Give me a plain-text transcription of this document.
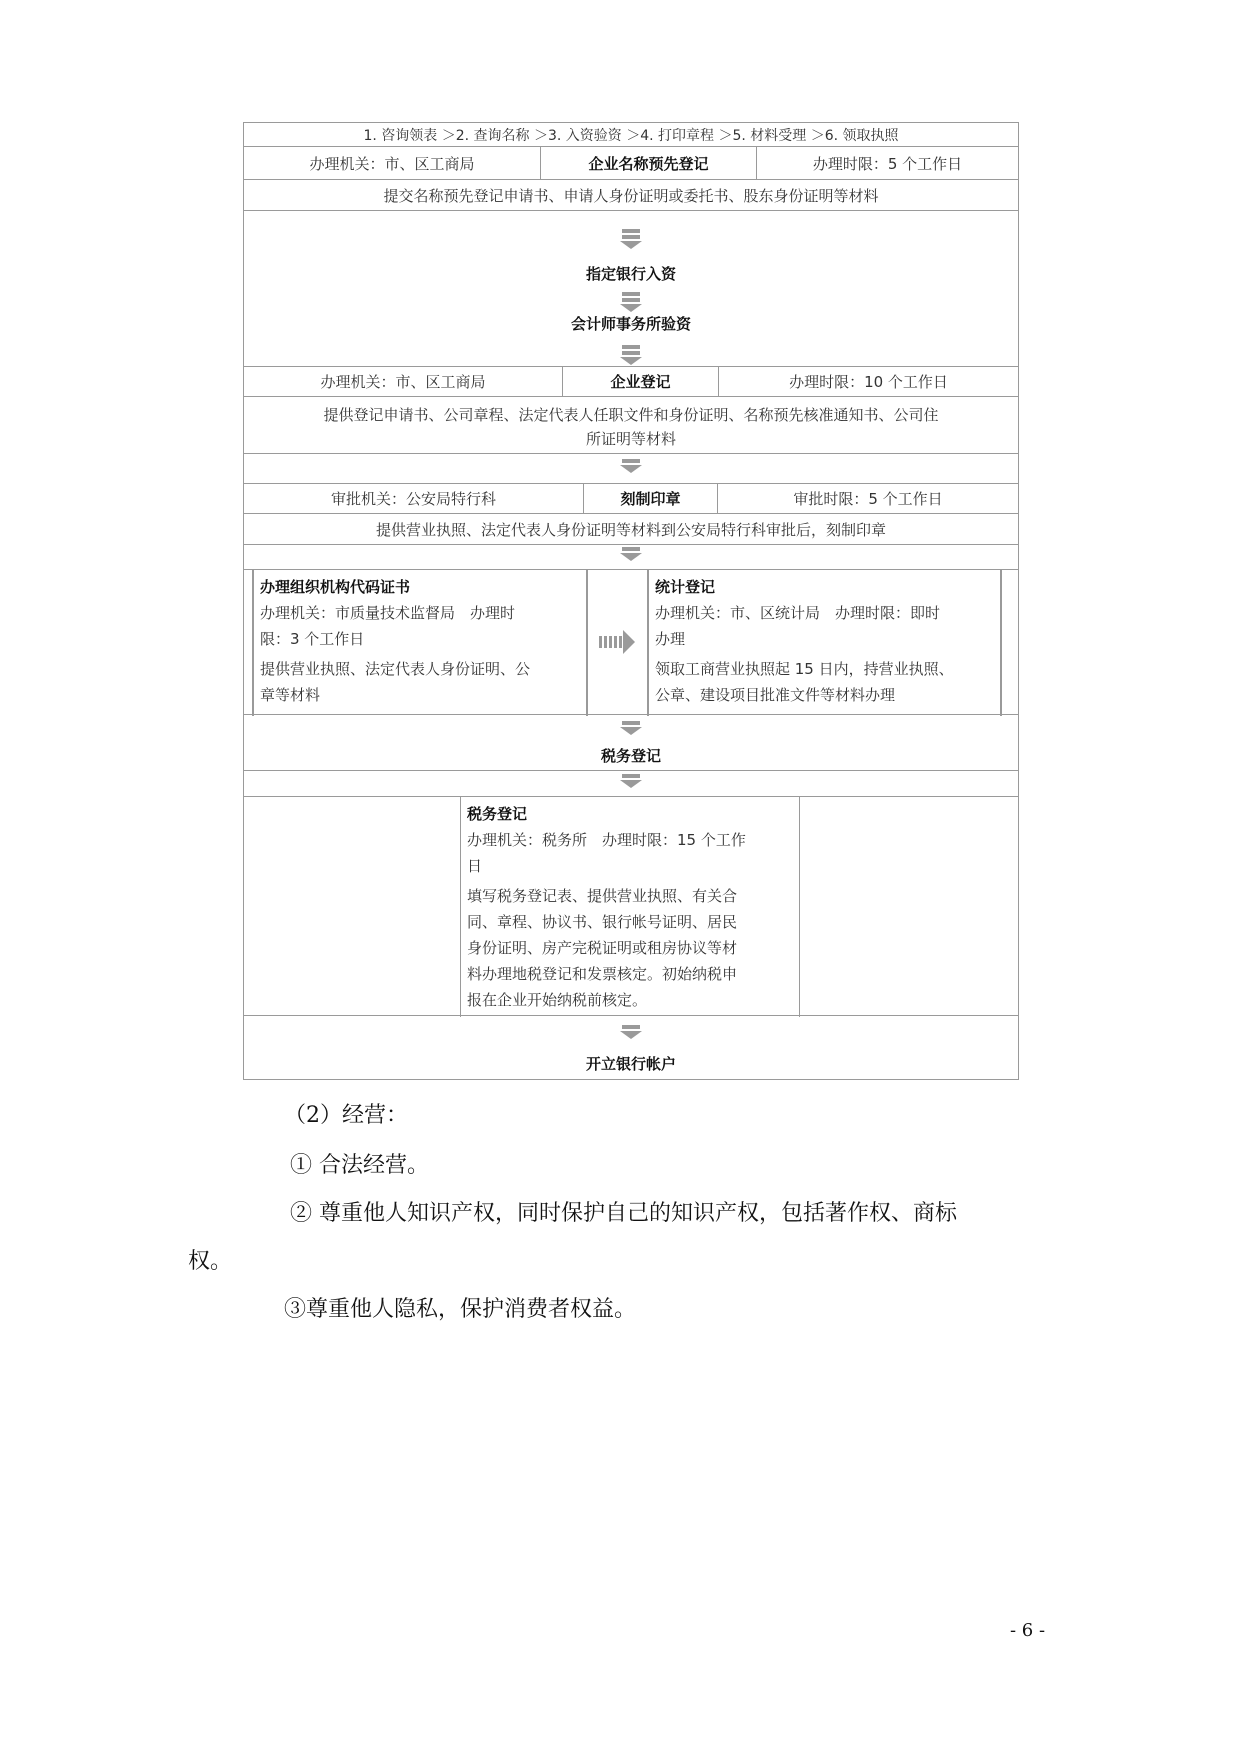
1. 咨询领表 ＞2. 查询名称 ＞3. 入资验资 ＞4. 打印章程 ＞5. 材料受理 ＞6. 领取执照
办理机关：市、区工商局	企业名称预先登记	办理时限：5 个工作日
提交名称预先登记申请书、申请人身份证明或委托书、股东身份证明等材料
指定银行入资
会计师事务所验资
办理机关：市、区工商局	企业登记	办理时限：10 个工作日
提供登记申请书、公司章程、法定代表人任职文件和身份证明、名称预先核准通知书、公司住
所证明等材料
审批机关：公安局特行科	刻制印章	审批时限：5 个工作日
提供营业执照、法定代表人身份证明等材料到公安局特行科审批后，刻制印章
办理组织机构代码证书
办理机关：市质量技术监督局　办理时
限：3 个工作日
提供营业执照、法定代表人身份证明、公
章等材料
统计登记
办理机关：市、区统计局　办理时限：即时
办理
领取工商营业执照起 15 日内，持营业执照、
公章、建设项目批准文件等材料办理
税务登记
税务登记
办理机关：税务所　办理时限：15 个工作
日
填写税务登记表、提供营业执照、有关合
同、章程、协议书、银行帐号证明、居民
身份证明、房产完税证明或租房协议等材
料办理地税登记和发票核定。初始纳税申
报在企业开始纳税前核定。
开立银行帐户
（2）经营：
① 合法经营。
② 尊重他人知识产权，同时保护自己的知识产权，包括著作权、商标
权。
③尊重他人隐私，保护消费者权益。
- 6 -
